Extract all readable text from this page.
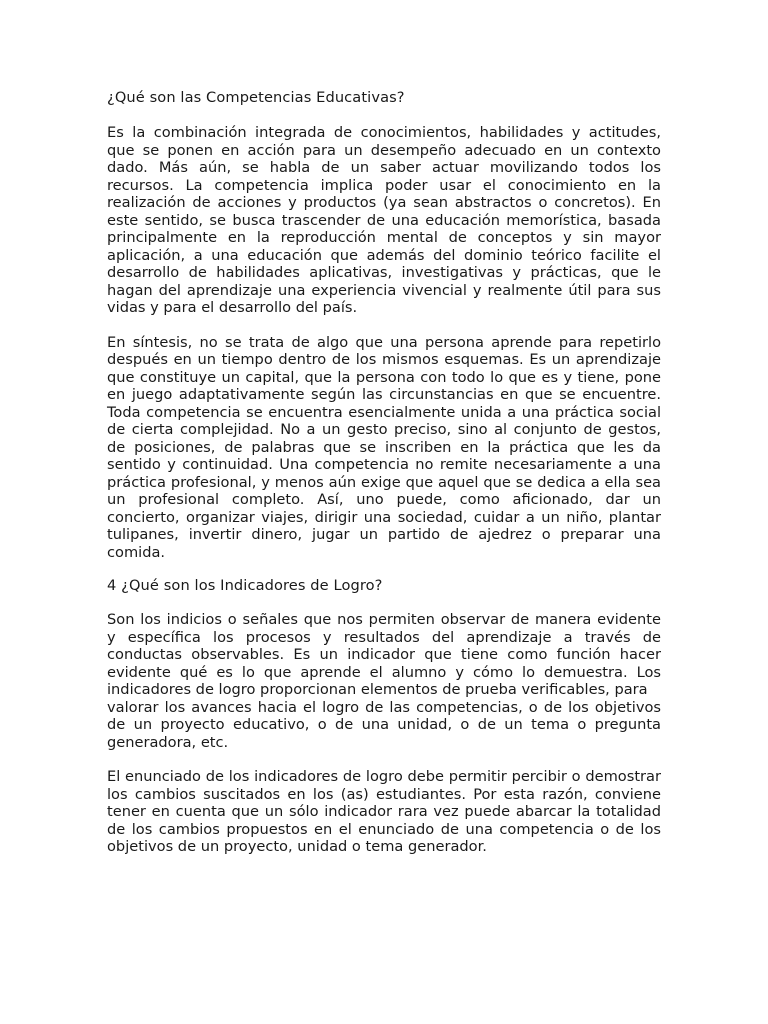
¿Qué son las Competencias Educativas?

Es la combinación integrada de conocimientos, habilidades y actitudes, que se ponen en acción para un desempeño adecuado en un contexto dado. Más aún, se habla de un saber actuar movilizando todos los recursos. La competencia implica poder usar el conocimiento en la realización de acciones y productos (ya sean abstractos o concretos). En este sentido, se busca trascender de una educación memorística, basada principalmente en la reproducción mental de conceptos y sin mayor aplicación, a una educación que además del dominio teórico facilite el desarrollo de habilidades aplicativas, investigativas y prácticas, que le hagan del aprendizaje una experiencia vivencial y realmente útil para sus vidas y para el desarrollo del país.

En síntesis, no se trata de algo que una persona aprende para repetirlo después en un tiempo dentro de los mismos esquemas. Es un aprendizaje que constituye un capital, que la persona con todo lo que es y tiene, pone en juego adaptativamente según las circunstancias en que se encuentre. Toda competencia se encuentra esencialmente unida a una práctica social de cierta complejidad. No a un gesto preciso, sino al conjunto de gestos, de posiciones, de palabras que se inscriben en la práctica que les da sentido y continuidad. Una competencia no remite necesariamente a una práctica profesional, y menos aún exige que aquel que se dedica a ella sea un profesional completo. Así, uno puede, como aficionado, dar un concierto, organizar viajes, dirigir una sociedad, cuidar a un niño, plantar tulipanes, invertir dinero, jugar un partido de ajedrez o preparar una comida.

4 ¿Qué son los Indicadores de Logro?

Son los indicios o señales que nos permiten observar de manera evidente y específica los procesos y resultados del aprendizaje a través de conductas observables. Es un indicador que tiene como función hacer evidente qué es lo que aprende el alumno y cómo lo demuestra. Los indicadores de logro proporcionan elementos de prueba verificables, para
valorar los avances hacia el logro de las competencias, o de los objetivos de un proyecto educativo, o de una unidad, o de un tema o pregunta generadora, etc.

El enunciado de los indicadores de logro debe permitir percibir o demostrar los cambios suscitados en los (as) estudiantes. Por esta razón, conviene tener en cuenta que un sólo indicador rara vez puede abarcar la totalidad de los cambios propuestos en el enunciado de una competencia o de los objetivos de un proyecto, unidad o tema generador.
